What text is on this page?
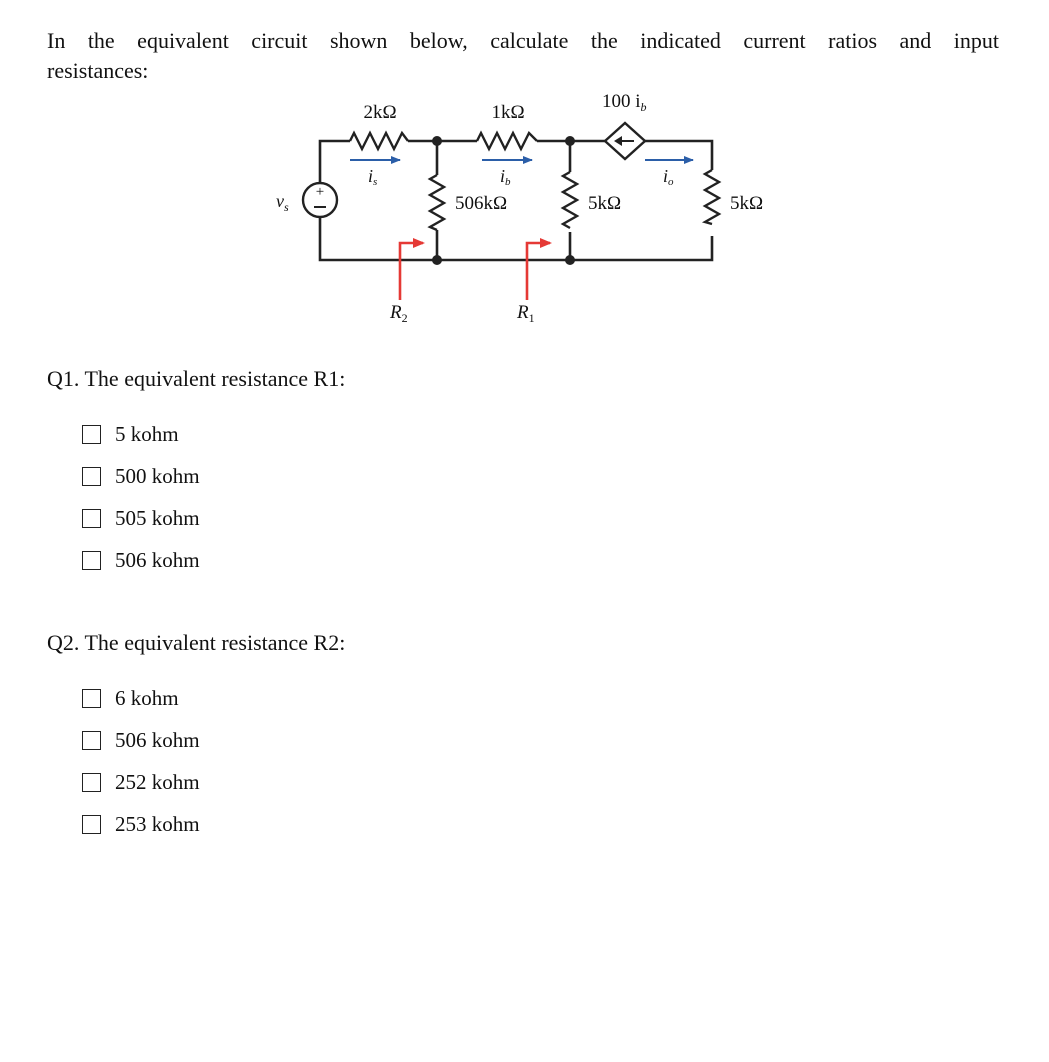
In the equivalent circuit shown below, calculate the indicated current ratios and input
resistances:

+
$v_s$
2kΩ	1kΩ
100 $i_b$
506kΩ	5kΩ	5kΩ
is	ib	io
$R_2$	$R_1$

Q1. The equivalent resistance R1:

5 kohm
500 kohm
505 kohm
506 kohm

Q2. The equivalent resistance R2:

6 kohm
506 kohm
252 kohm
253 kohm
